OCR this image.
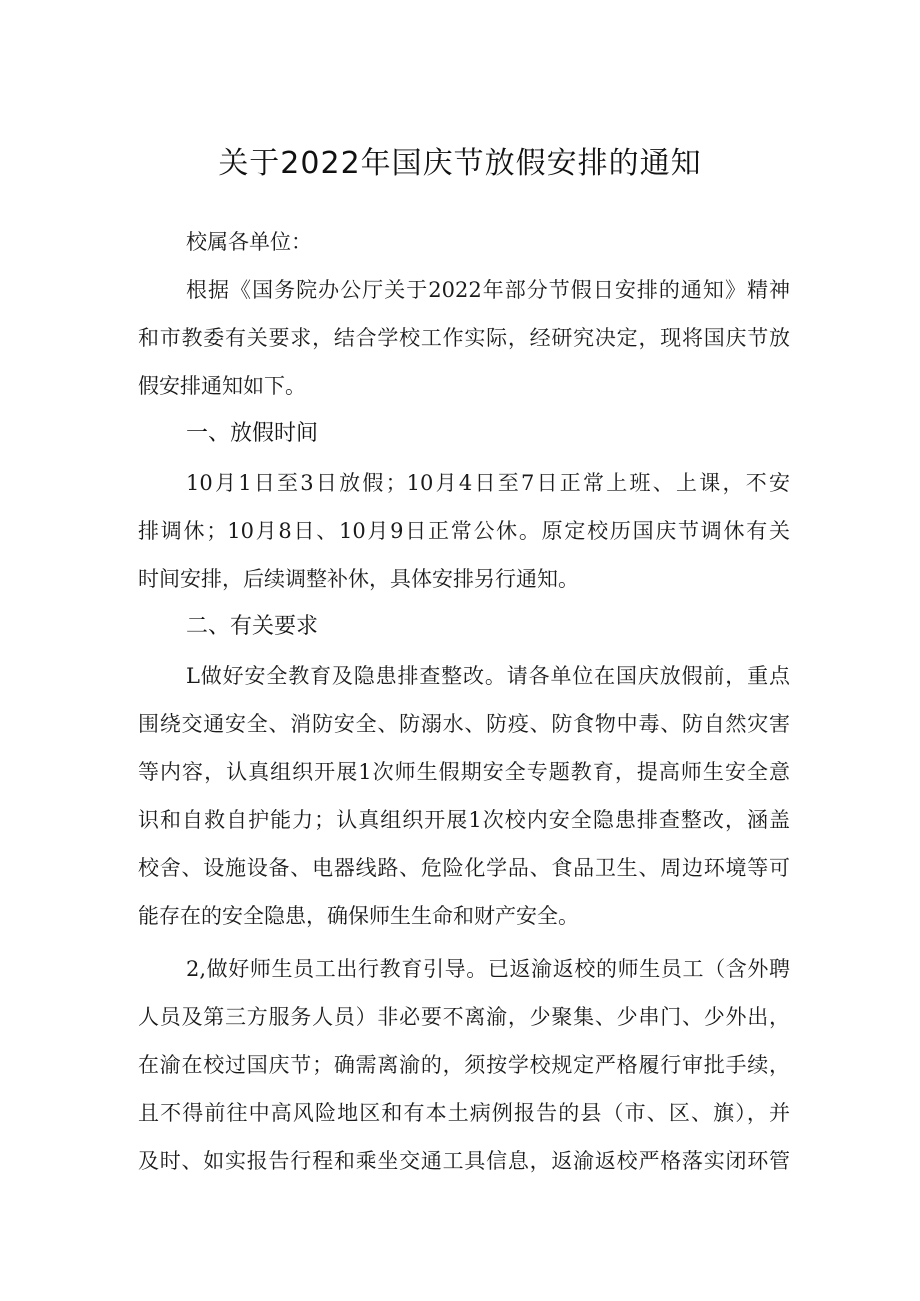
关于2022年国庆节放假安排的通知
校属各单位：
根据《国务院办公厅关于2022年部分节假日安排的通知》精神
和市教委有关要求，结合学校工作实际，经研究决定，现将国庆节放
假安排通知如下。
一、放假时间
10月1日至3日放假；10月4日至7日正常上班、上课，不安
排调休；10月8日、10月9日正常公休。原定校历国庆节调休有关
时间安排，后续调整补休，具体安排另行通知。
二、有关要求
L做好安全教育及隐患排查整改。请各单位在国庆放假前，重点
围绕交通安全、消防安全、防溺水、防疫、防食物中毒、防自然灾害
等内容，认真组织开展1次师生假期安全专题教育，提高师生安全意
识和自救自护能力；认真组织开展1次校内安全隐患排查整改，涵盖
校舍、设施设备、电器线路、危险化学品、食品卫生、周边环境等可
能存在的安全隐患，确保师生生命和财产安全。
2,做好师生员工出行教育引导。已返渝返校的师生员工（含外聘
人员及第三方服务人员）非必要不离渝，少聚集、少串门、少外出，
在渝在校过国庆节；确需离渝的，须按学校规定严格履行审批手续，
且不得前往中高风险地区和有本土病例报告的县（市、区、旗），并
及时、如实报告行程和乘坐交通工具信息，返渝返校严格落实闭环管
